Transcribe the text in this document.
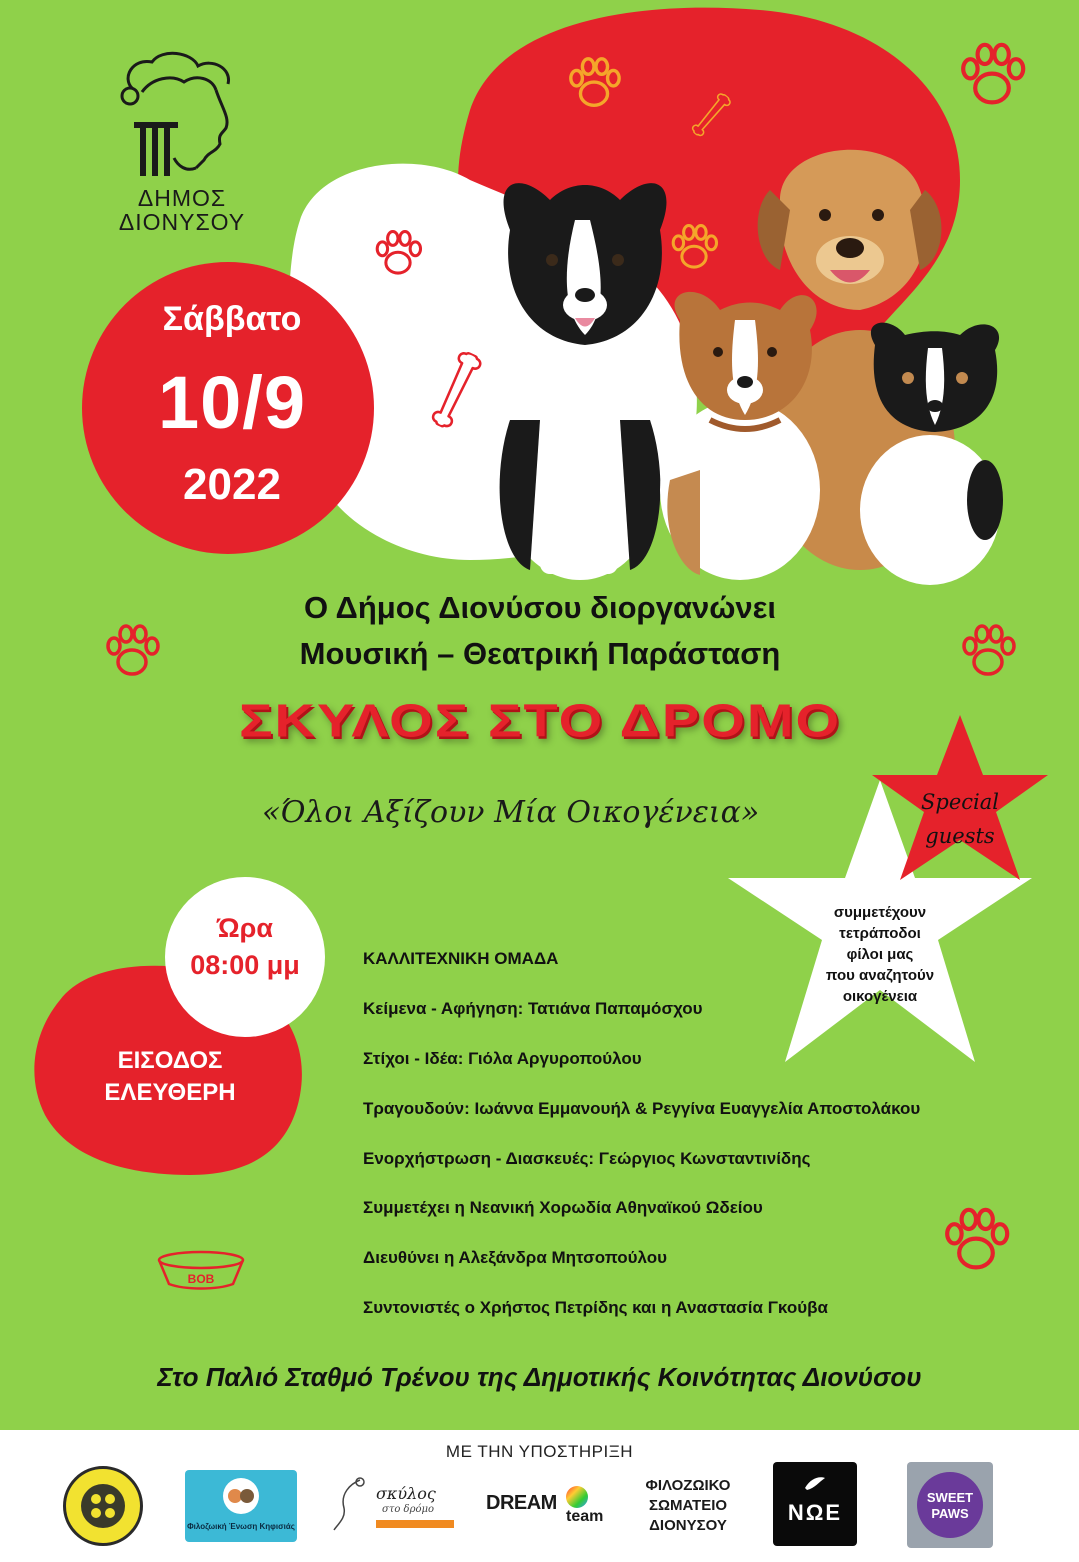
ΔΗΜΟΣ
ΔΙΟΝΥΣΟΥ
Σάββατο
10/9
2022
Ο Δήμος Διονύσου διοργανώνει
Μουσική – Θεατρική Παράσταση
ΣΚΥΛΟΣ ΣΤΟ ΔΡΟΜΟ
«Όλοι Αξίζουν Μία Οικογένεια»	Special
guests
συμμετέχουν
τετράποδοι
φίλοι μας
που αναζητούν
οικογένεια
Ώρα
08:00 μμ
ΕΙΣΟΔΟΣ
ΕΛΕΥΘΕΡΗ
BOB
ΚΑΛΛΙΤΕΧΝΙΚΗ ΟΜΑΔΑ
Κείμενα - Αφήγηση: Τατιάνα Παπαμόσχου
Στίχοι - Ιδέα: Γιόλα Αργυροπούλου
Τραγουδούν: Ιωάννα Εμμανουήλ & Ρεγγίνα Ευαγγελία Αποστολάκου
Ενορχήστρωση - Διασκευές: Γεώργιος Κωνσταντινίδης
Συμμετέχει η Νεανική Χορωδία Αθηναϊκού Ωδείου
Διευθύνει η Αλεξάνδρα Μητσοπούλου
Συντονιστές ο Χρήστος Πετρίδης και η Αναστασία Γκούβα
Στο Παλιό Σταθμό Τρένου της Δημοτικής Κοινότητας Διονύσου
ΜΕ ΤΗΝ ΥΠΟΣΤΗΡΙΞΗ
Φιλοζωική Ένωση Κηφισιάς
σκύλος
στο δρόμο	DREAM
team
ΦΙΛΟΖΩΙΚΟ
ΣΩΜΑΤΕΙΟ
ΔΙΟΝΥΣΟΥ
ΝΩΕ
SWEET
PAWS
